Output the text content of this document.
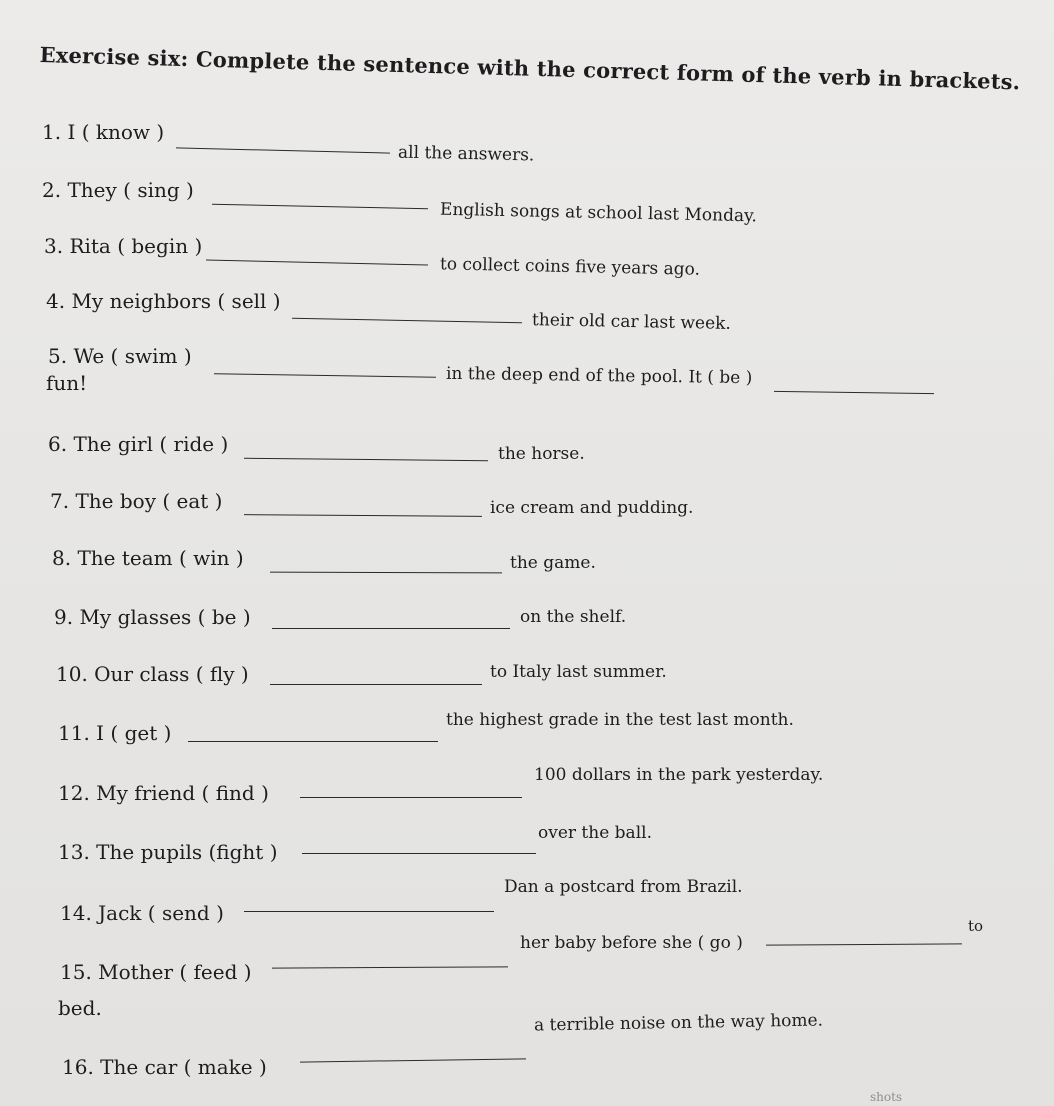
Exercise six: Complete the sentence with the correct form of the verb in brackets.
1. I ( know )
all the answers.
2. They ( sing )
English songs at school last Monday.
3. Rita ( begin )
to collect coins five years ago.
4. My neighbors ( sell )
their old car last week.
5. We ( swim )
in the deep end of the pool. It ( be )
fun!
6. The girl ( ride )	the horse.
7. The boy ( eat )	ice cream and pudding.
8. The team ( win )	the game.
9. My glasses ( be )	on the shelf.
10. Our class ( fly )	to Italy last summer.
11. I ( get )
the highest grade in the test last month.
12. My friend ( find )
100 dollars in the park yesterday.
13. The pupils (fight )
over the ball.
14. Jack ( send )
Dan a postcard from Brazil.
15. Mother ( feed )
her baby before she ( go )
to
bed.
16. The car ( make )
a terrible noise on the way home.
shots
